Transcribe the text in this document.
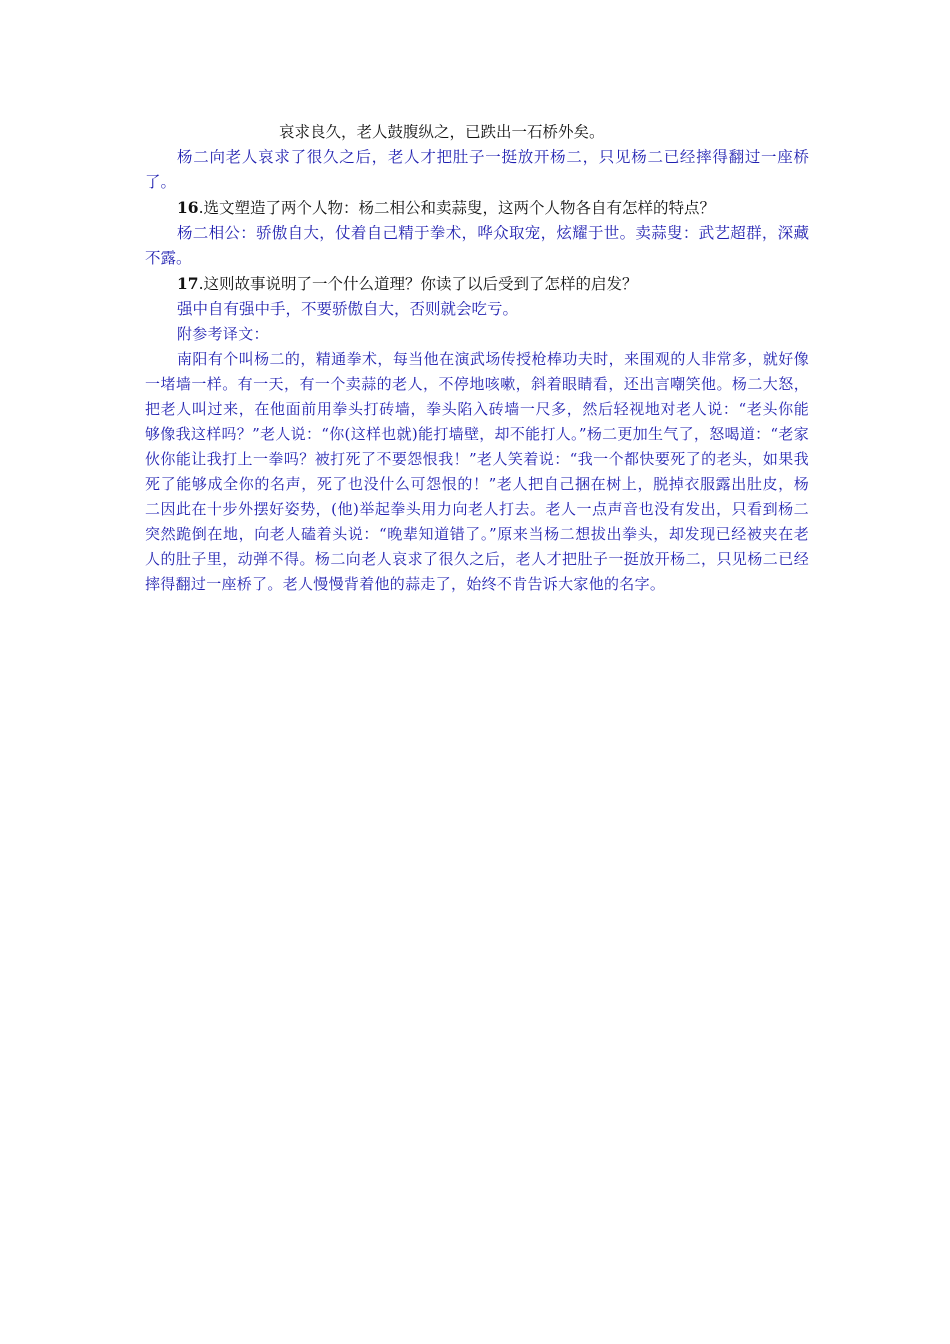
哀求良久，老人鼓腹纵之，已跌出一石桥外矣。

杨二向老人哀求了很久之后，老人才把肚子一挺放开杨二，只见杨二已经摔得翻过一座桥了。

16.选文塑造了两个人物：杨二相公和卖蒜叟，这两个人物各自有怎样的特点？

杨二相公：骄傲自大，仗着自己精于拳术，哗众取宠，炫耀于世。卖蒜叟：武艺超群，深藏不露。

17.这则故事说明了一个什么道理？你读了以后受到了怎样的启发？

强中自有强中手，不要骄傲自大，否则就会吃亏。

附参考译文：

南阳有个叫杨二的，精通拳术，每当他在演武场传授枪棒功夫时，来围观的人非常多，就好像一堵墙一样。有一天，有一个卖蒜的老人，不停地咳嗽，斜着眼睛看，还出言嘲笑他。杨二大怒，把老人叫过来，在他面前用拳头打砖墙，拳头陷入砖墙一尺多，然后轻视地对老人说：“老头你能够像我这样吗？”老人说：“你(这样也就)能打墙壁，却不能打人。”杨二更加生气了，怒喝道：“老家伙你能让我打上一拳吗？被打死了不要怨恨我！”老人笑着说：“我一个都快要死了的老头，如果我死了能够成全你的名声，死了也没什么可怨恨的！”老人把自己捆在树上，脱掉衣服露出肚皮，杨二因此在十步外摆好姿势，(他)举起拳头用力向老人打去。老人一点声音也没有发出，只看到杨二突然跪倒在地，向老人磕着头说：“晚辈知道错了。”原来当杨二想拔出拳头，却发现已经被夹在老人的肚子里，动弹不得。杨二向老人哀求了很久之后，老人才把肚子一挺放开杨二，只见杨二已经摔得翻过一座桥了。老人慢慢背着他的蒜走了，始终不肯告诉大家他的名字。
